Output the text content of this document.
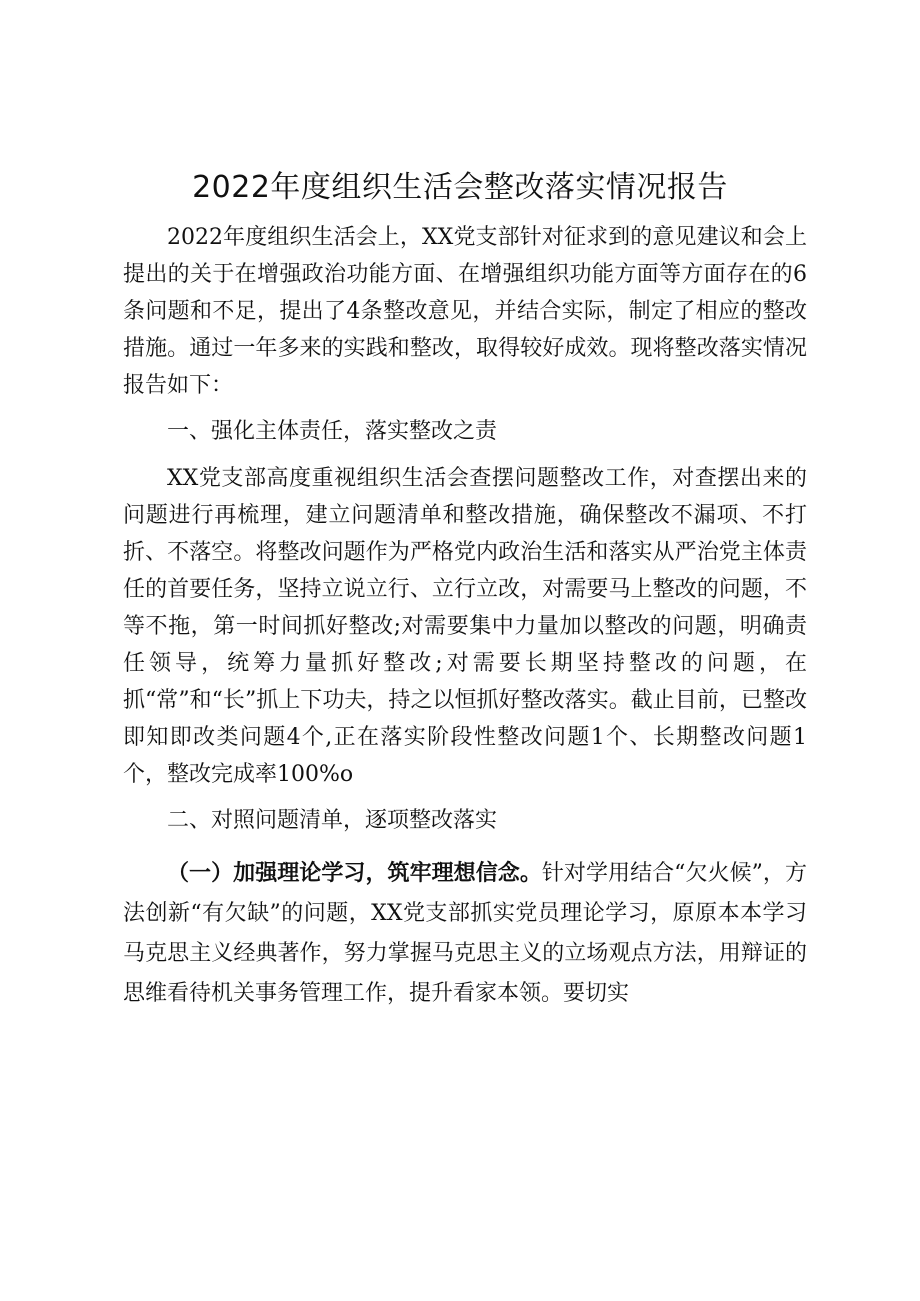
2022年度组织生活会整改落实情况报告

2022年度组织生活会上，XX党支部针对征求到的意见建议和会上提出的关于在增强政治功能方面、在增强组织功能方面等方面存在的6条问题和不足，提出了4条整改意见，并结合实际，制定了相应的整改措施。通过一年多来的实践和整改，取得较好成效。现将整改落实情况报告如下：

一、强化主体责任，落实整改之责

XX党支部高度重视组织生活会查摆问题整改工作，对查摆出来的问题进行再梳理，建立问题清单和整改措施，确保整改不漏项、不打折、不落空。将整改问题作为严格党内政治生活和落实从严治党主体责任的首要任务，坚持立说立行、立行立改，对需要马上整改的问题，不等不拖，第一时间抓好整改;对需要集中力量加以整改的问题，明确责任领导，统筹力量抓好整改;对需要长期坚持整改的问题，在抓“常”和“长”抓上下功夫，持之以恒抓好整改落实。截止目前，已整改即知即改类问题4个,正在落实阶段性整改问题1个、长期整改问题1个，整改完成率100%o

二、对照问题清单，逐项整改落实

（一）加强理论学习，筑牢理想信念。针对学用结合“欠火候”，方法创新“有欠缺”的问题，XX党支部抓实党员理论学习，原原本本学习马克思主义经典著作，努力掌握马克思主义的立场观点方法，用辩证的思维看待机关事务管理工作，提升看家本领。要切实
